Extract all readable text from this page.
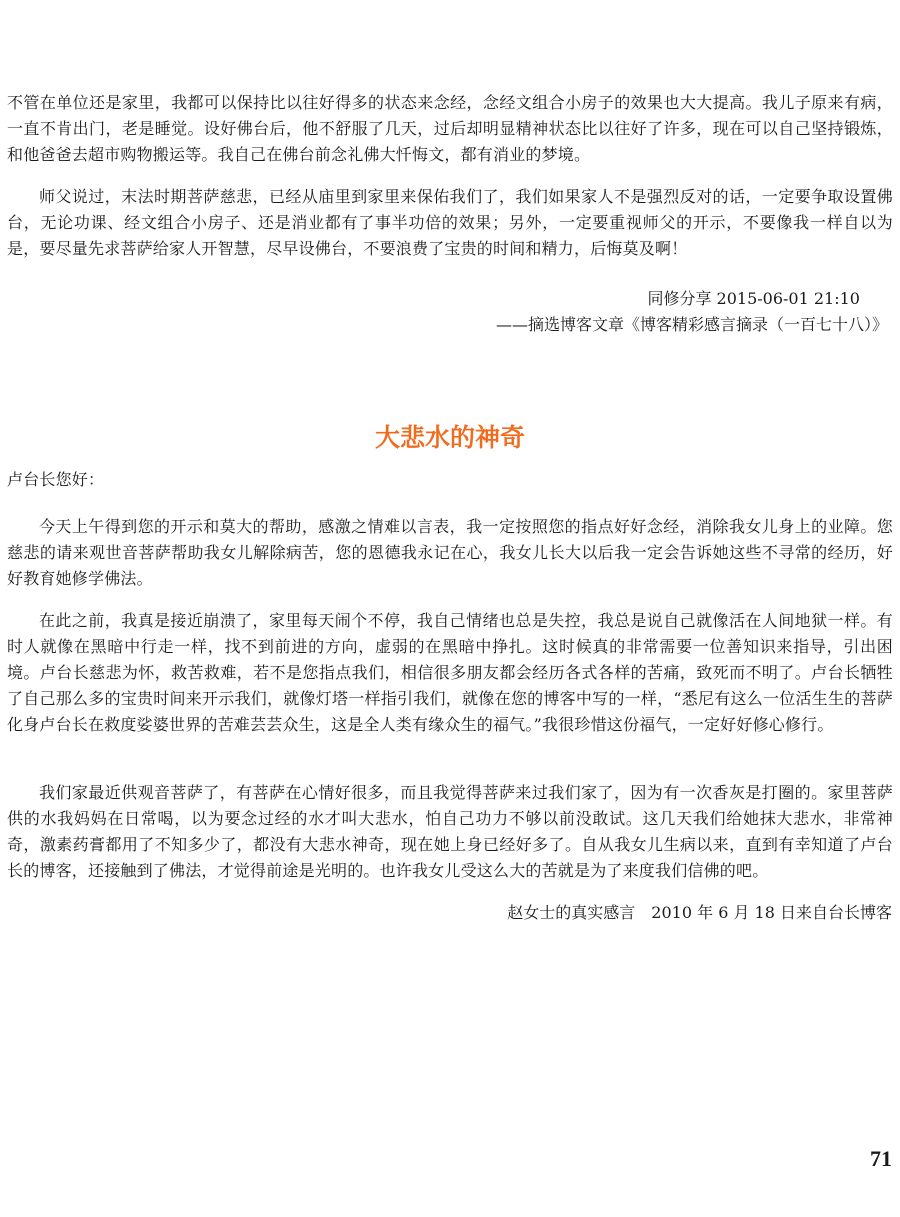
不管在单位还是家里，我都可以保持比以往好得多的状态来念经，念经文组合小房子的效果也大大提高。我儿子原来有病，一直不肯出门，老是睡觉。设好佛台后，他不舒服了几天，过后却明显精神状态比以往好了许多，现在可以自己坚持锻炼，和他爸爸去超市购物搬运等。我自己在佛台前念礼佛大忏悔文，都有消业的梦境。

师父说过，末法时期菩萨慈悲，已经从庙里到家里来保佑我们了，我们如果家人不是强烈反对的话，一定要争取设置佛台，无论功课、经文组合小房子、还是消业都有了事半功倍的效果；另外，一定要重视师父的开示，不要像我一样自以为是，要尽量先求菩萨给家人开智慧，尽早设佛台，不要浪费了宝贵的时间和精力，后悔莫及啊！

同修分享 2015-06-01 21:10

——摘选博客文章《博客精彩感言摘录（一百七十八）》

大悲水的神奇

卢台长您好：

今天上午得到您的开示和莫大的帮助，感激之情难以言表，我一定按照您的指点好好念经，消除我女儿身上的业障。您慈悲的请来观世音菩萨帮助我女儿解除病苦，您的恩德我永记在心，我女儿长大以后我一定会告诉她这些不寻常的经历，好好教育她修学佛法。

在此之前，我真是接近崩溃了，家里每天闹个不停，我自己情绪也总是失控，我总是说自己就像活在人间地狱一样。有时人就像在黑暗中行走一样，找不到前进的方向，虚弱的在黑暗中挣扎。这时候真的非常需要一位善知识来指导，引出困境。卢台长慈悲为怀，救苦救难，若不是您指点我们，相信很多朋友都会经历各式各样的苦痛，致死而不明了。卢台长牺牲了自己那么多的宝贵时间来开示我们，就像灯塔一样指引我们，就像在您的博客中写的一样，“悉尼有这么一位活生生的菩萨化身卢台长在救度娑婆世界的苦难芸芸众生，这是全人类有缘众生的福气。”我很珍惜这份福气，一定好好修心修行。

我们家最近供观音菩萨了，有菩萨在心情好很多，而且我觉得菩萨来过我们家了，因为有一次香灰是打圈的。家里菩萨供的水我妈妈在日常喝，以为要念过经的水才叫大悲水，怕自己功力不够以前没敢试。这几天我们给她抹大悲水，非常神奇，激素药膏都用了不知多少了，都没有大悲水神奇，现在她上身已经好多了。自从我女儿生病以来，直到有幸知道了卢台长的博客，还接触到了佛法，才觉得前途是光明的。也许我女儿受这么大的苦就是为了来度我们信佛的吧。

赵女士的真实感言　2010 年 6 月 18 日来自台长博客

71
